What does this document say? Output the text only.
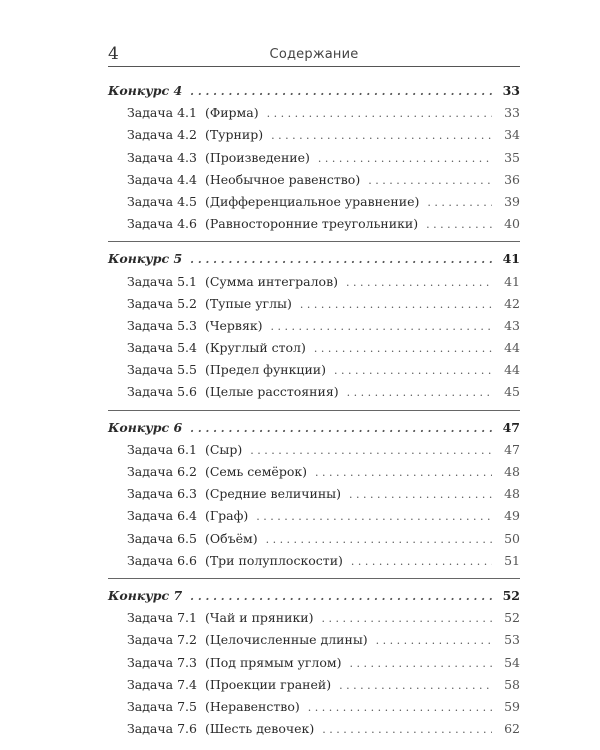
4	Содержание
Конкурс 4 . . .	33
Задача 4.1 (Фирма) . . .	33
Задача 4.2 (Турнир) . . .	34
Задача 4.3 (Произведение) . . .	35
Задача 4.4 (Необычное равенство) . . .	36
Задача 4.5 (Дифференциальное уравнение) . . .	39
Задача 4.6 (Равносторонние треугольники) . . .	40
Конкурс 5 . . .	41
Задача 5.1 (Сумма интегралов) . . .	41
Задача 5.2 (Тупые углы) . . .	42
Задача 5.3 (Червяк) . . .	43
Задача 5.4 (Круглый стол) . . .	44
Задача 5.5 (Предел функции) . . .	44
Задача 5.6 (Целые расстояния) . . .	45
Конкурс 6 . . .	47
Задача 6.1 (Сыр) . . .	47
Задача 6.2 (Семь семёрок) . . .	48
Задача 6.3 (Средние величины) . . .	48
Задача 6.4 (Граф) . . .	49
Задача 6.5 (Объём) . . .	50
Задача 6.6 (Три полуплоскости) . . .	51
Конкурс 7 . . .	52
Задача 7.1 (Чай и пряники) . . .	52
Задача 7.2 (Целочисленные длины) . . .	53
Задача 7.3 (Под прямым углом) . . .	54
Задача 7.4 (Проекции граней) . . .	58
Задача 7.5 (Неравенство) . . .	59
Задача 7.6 (Шесть девочек) . . .	62
